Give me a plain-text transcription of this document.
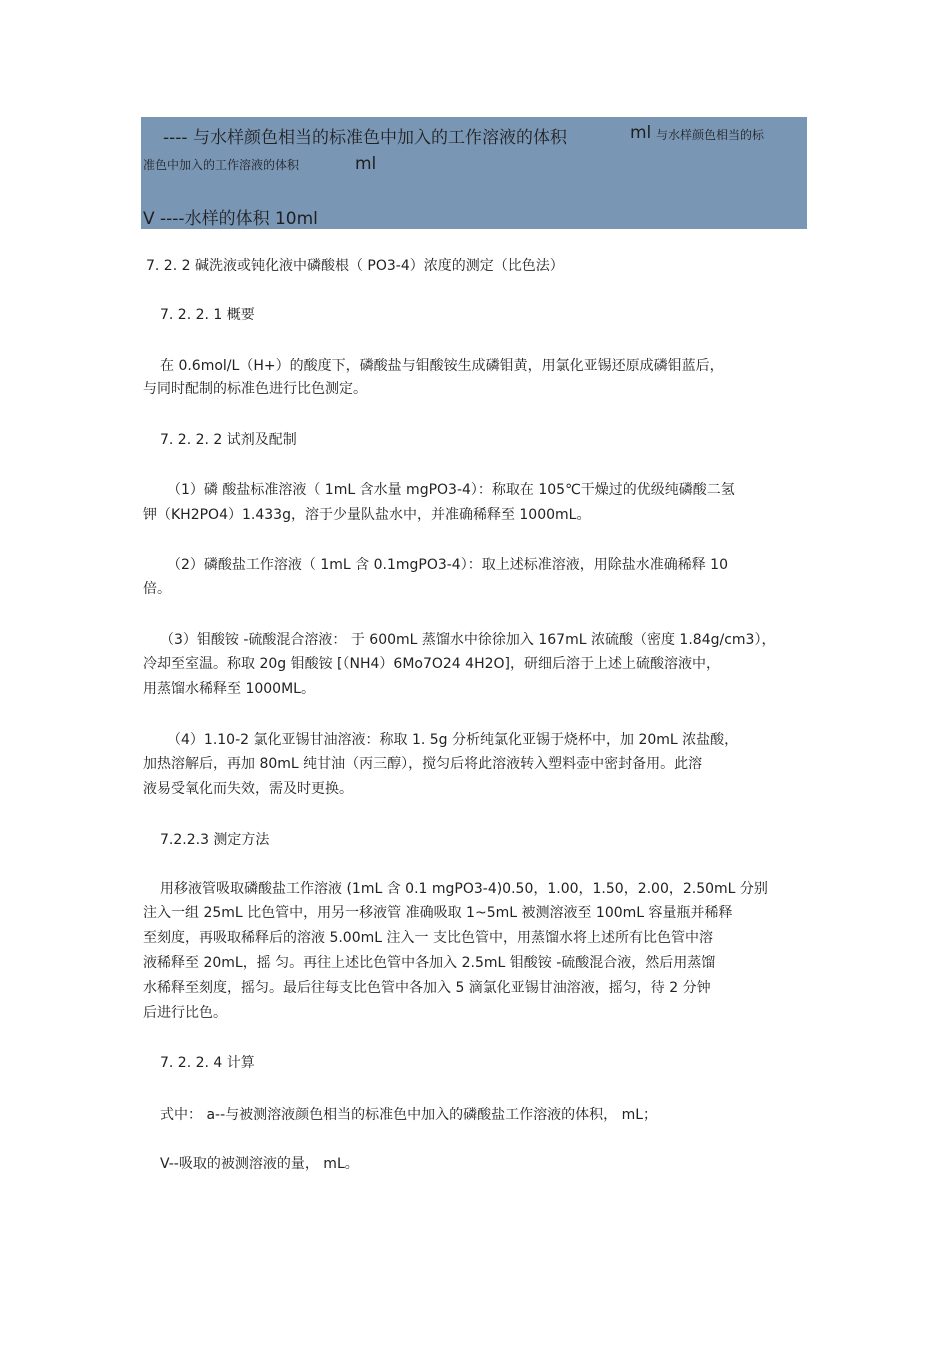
---- 与水样颜色相当的标准色中加入的工作溶液的体积	ml 与水样颜色相当的标
准色中加入的工作溶液的体积	ml
V ----水样的体积 10ml
7. 2. 2 碱洗液或钝化液中磷酸根（ PO3-4）浓度的测定（比色法）
7. 2. 2. 1 概要
在 0.6mol/L（H+）的酸度下，磷酸盐与钼酸铵生成磷钼黄，用氯化亚锡还原成磷钼蓝后，
与同时配制的标准色进行比色测定。
7. 2. 2. 2 试剂及配制
（1）磷 酸盐标准溶液（ 1mL 含水量 mgPO3-4）：称取在 105℃干燥过的优级纯磷酸二氢
钾（KH2PO4）1.433g，溶于少量队盐水中，并准确稀释至 1000mL。
（2）磷酸盐工作溶液（ 1mL 含 0.1mgPO3-4）：取上述标准溶液，用除盐水准确稀释 10
倍。
（3）钼酸铵 -硫酸混合溶液： 于 600mL 蒸馏水中徐徐加入 167mL 浓硫酸（密度 1.84g/cm3），
冷却至室温。称取 20g 钼酸铵 [（NH4）6Mo7O24 4H2O]，研细后溶于上述上硫酸溶液中，
用蒸馏水稀释至 1000ML。
（4）1.10-2 氯化亚锡甘油溶液：称取 1. 5g 分析纯氯化亚锡于烧杯中，加 20mL 浓盐酸，
加热溶解后，再加 80mL 纯甘油（丙三醇），搅匀后将此溶液转入塑料壶中密封备用。此溶
液易受氧化而失效，需及时更换。
7.2.2.3 测定方法
用移液管吸取磷酸盐工作溶液 (1mL 含 0.1 mgPO3-4)0.50，1.00，1.50，2.00，2.50mL 分别
注入一组 25mL 比色管中，用另一移液管 准确吸取 1~5mL 被测溶液至 100mL 容量瓶并稀释
至刻度，再吸取稀释后的溶液 5.00mL 注入一 支比色管中，用蒸馏水将上述所有比色管中溶
液稀释至 20mL，摇 匀。再往上述比色管中各加入 2.5mL 钼酸铵 -硫酸混合液，然后用蒸馏
水稀释至刻度，摇匀。最后往每支比色管中各加入 5 滴氯化亚锡甘油溶液，摇匀，待 2 分钟
后进行比色。
7. 2. 2. 4 计算
式中： a--与被测溶液颜色相当的标准色中加入的磷酸盐工作溶液的体积， mL；
V--吸取的被测溶液的量， mL。
